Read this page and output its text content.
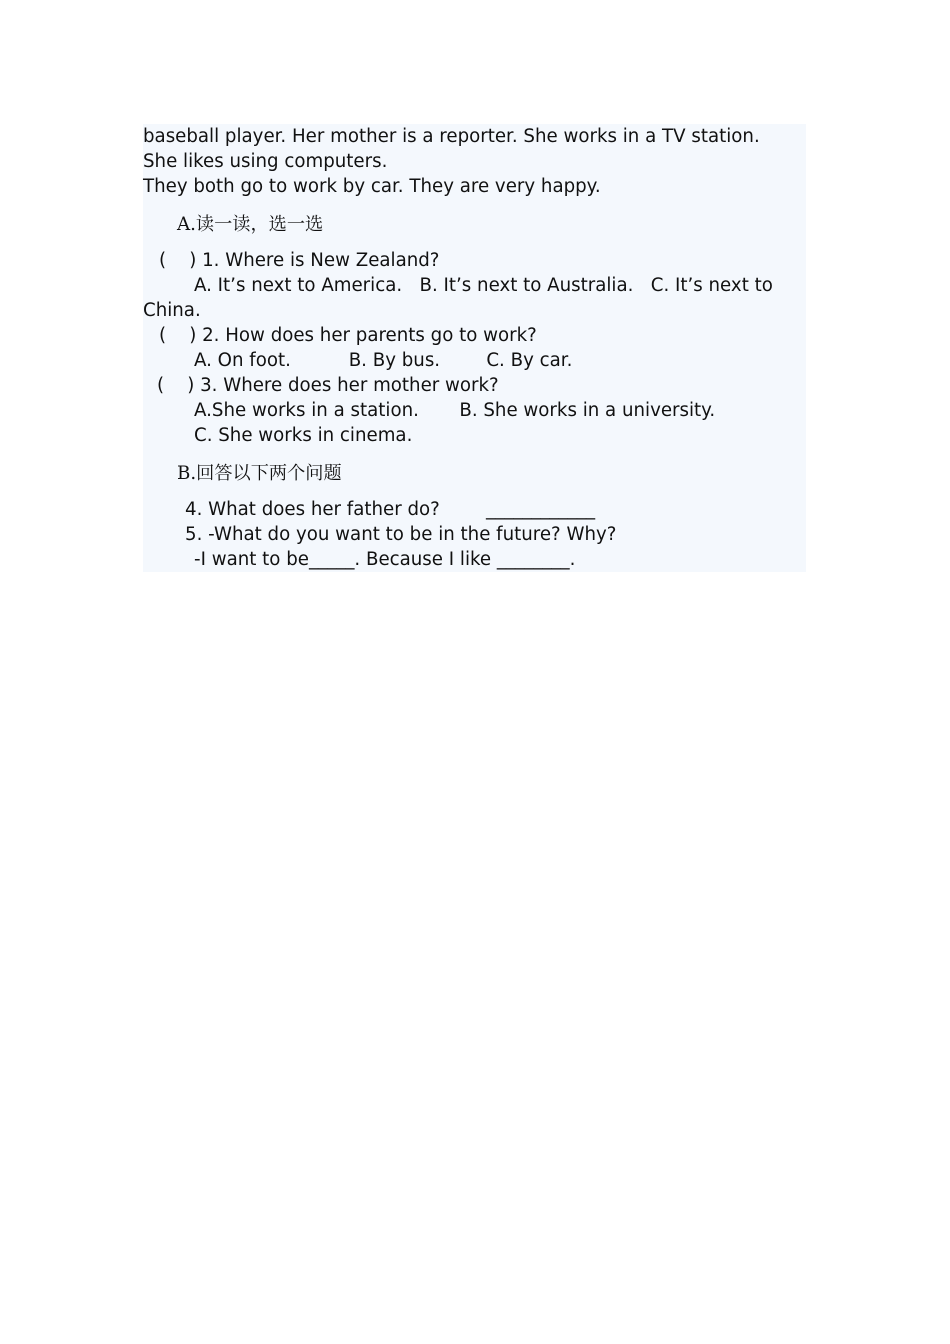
baseball player. Her mother is a reporter. She works in a TV station.
She likes using computers.
They both go to work by car. They are very happy.
A.读一读，选一选
(    ) 1. Where is New Zealand?
A. It’s next to America.   B. It’s next to Australia.   C. It’s next to
China.
(    ) 2. How does her parents go to work?
A. On foot.          B. By bus.        C. By car.
(    ) 3. Where does her mother work?
A.She works in a station.       B. She works in a university.
C. She works in cinema.
B.回答以下两个问题
4. What does her father do?        ____________
5. -What do you want to be in the future? Why?
-I want to be_____. Because I like ________.
